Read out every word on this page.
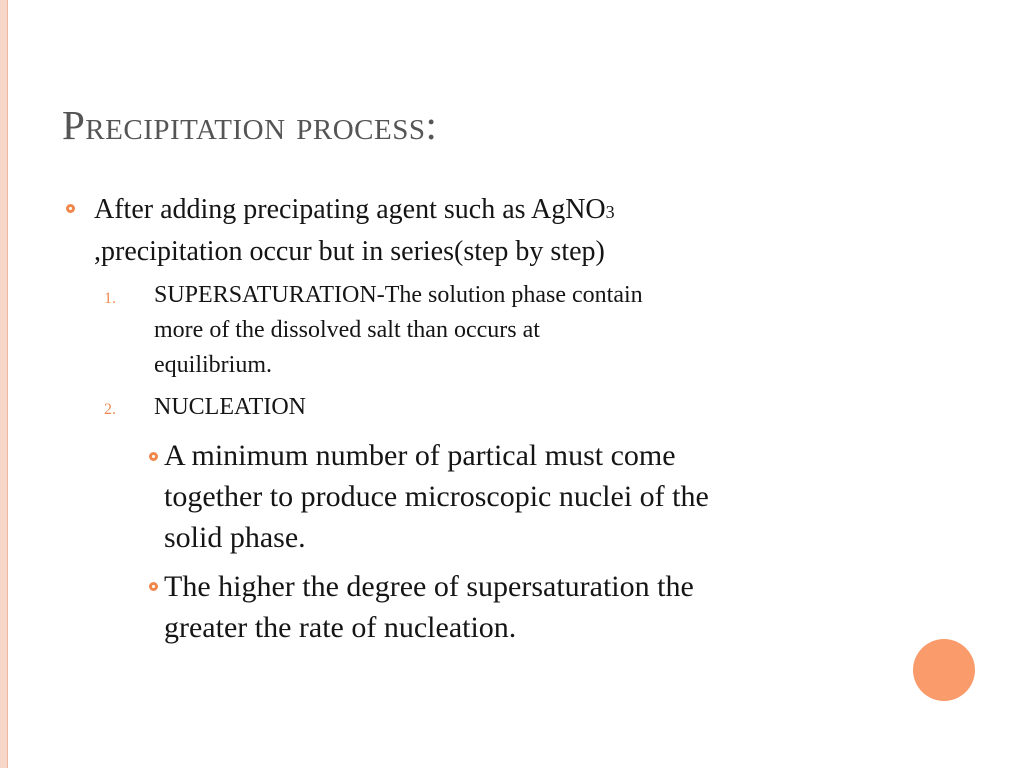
Precipitation process:
After adding precipating agent such as AgNO3
,precipitation occur but in series(step by step)
1. SUPERSATURATION-The solution phase contain
more of the dissolved salt than occurs at
equilibrium.
2. NUCLEATION
A minimum number of partical must come
together to produce microscopic nuclei of the
solid phase.
The higher the degree of supersaturation the
greater the rate of nucleation.
